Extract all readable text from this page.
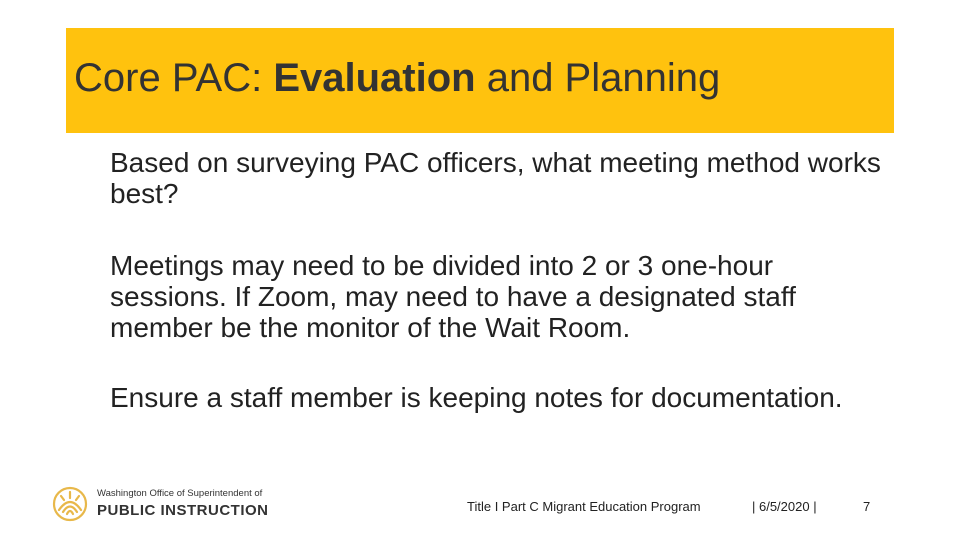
Core PAC: Evaluation and Planning

Based on surveying PAC officers, what meeting method works best?

Meetings may need to be divided into 2 or 3 one-hour sessions. If Zoom, may need to have a designated staff member be the monitor of the Wait Room.

Ensure a staff member is keeping notes for documentation.

Washington Office of Superintendent of
PUBLIC INSTRUCTION	Title I Part C Migrant Education Program	| 6/5/2020 |	7
